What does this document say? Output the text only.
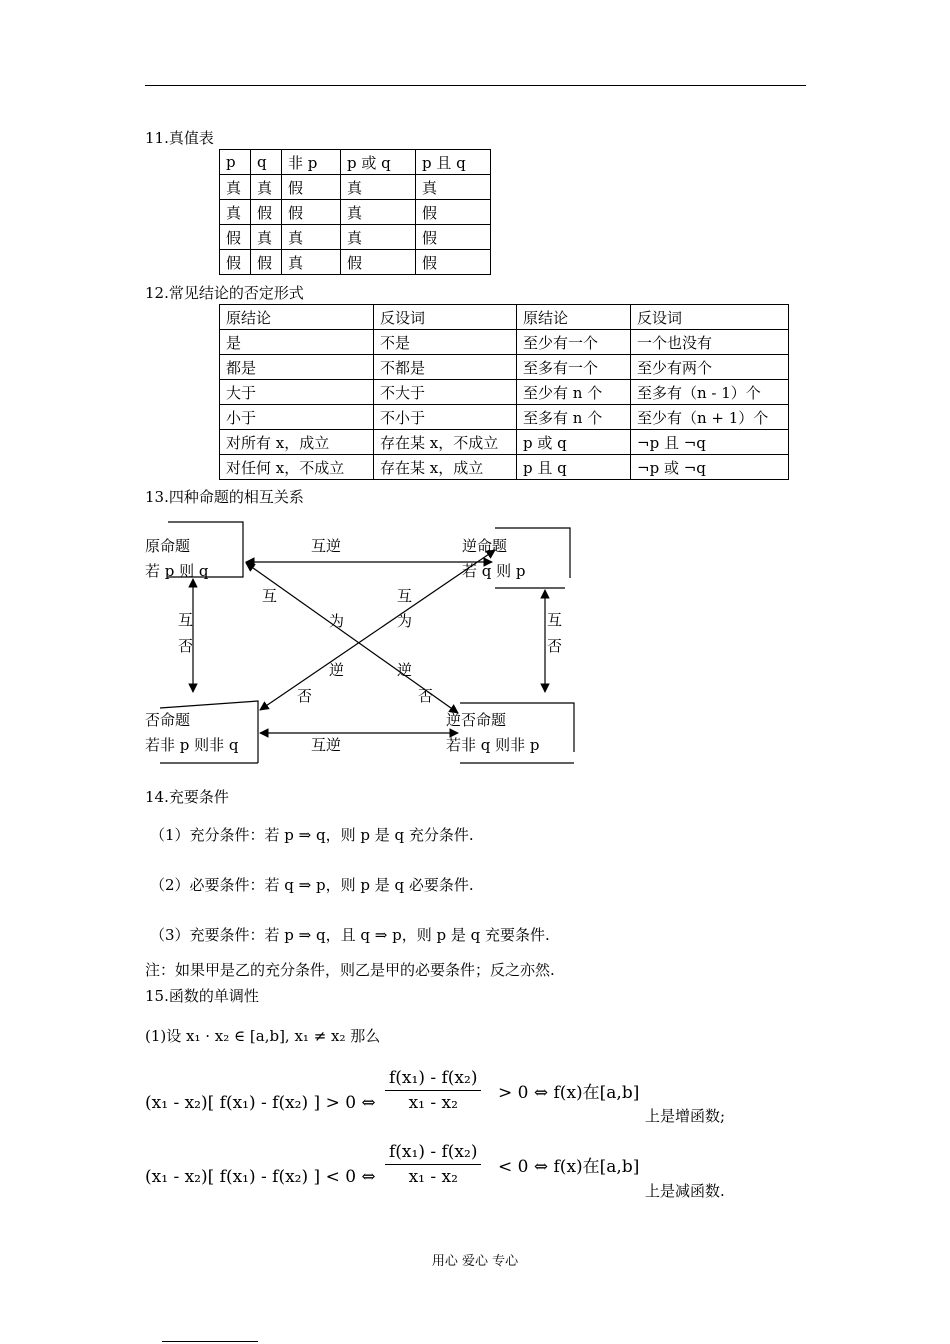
11.真值表
p	q	非 p	p 或 q	p 且 q
真	真	假	真	真
真	假	假	真	假
假	真	真	真	假
假	假	真	假	假
12.常见结论的否定形式
原结论	反设词	原结论	反设词
是	不是	至少有一个	一个也没有
都是	不都是	至多有一个	至少有两个
大于	不大于	至少有 n 个	至多有（n - 1）个
小于	不小于	至多有 n 个	至少有（n + 1）个
对所有 x，成立	存在某 x，不成立	p 或 q	¬p 且 ¬q
对任何 x，不成立	存在某 x，成立	p 且 q	¬p 或 ¬q
13.四种命题的相互关系
原命题
若 p 则 q
逆命题
若 q 则 p
否命题
若非 p 则非 q
逆否命题
若非 q 则非 p
互逆
互逆
互
否
互
否
互
为
逆
否
互
为
逆
否
14.充要条件
（1）充分条件：若 p ⇒ q，则 p 是 q 充分条件.
（2）必要条件：若 q ⇒ p，则 p 是 q 必要条件.
（3）充要条件：若 p ⇒ q，且 q ⇒ p，则 p 是 q 充要条件.
注：如果甲是乙的充分条件，则乙是甲的必要条件；反之亦然.
15.函数的单调性
(1)设 x₁ · x₂ ∈ [a,b], x₁ ≠ x₂ 那么
(x₁ - x₂)[ f(x₁) - f(x₂) ] > 0 ⇔ $\frac{\text{f(x₁) - f(x₂)}}{\text{x₁ - x₂}} > 0$ ⇔ f(x)在[a,b]
上是增函数;
(x₁ - x₂)[ f(x₁) - f(x₂) ] < 0 ⇔ $\frac{\text{f(x₁) - f(x₂)}}{\text{x₁ - x₂}} < 0$ ⇔ f(x)在[a,b]
上是减函数.
用心 爱心 专心
